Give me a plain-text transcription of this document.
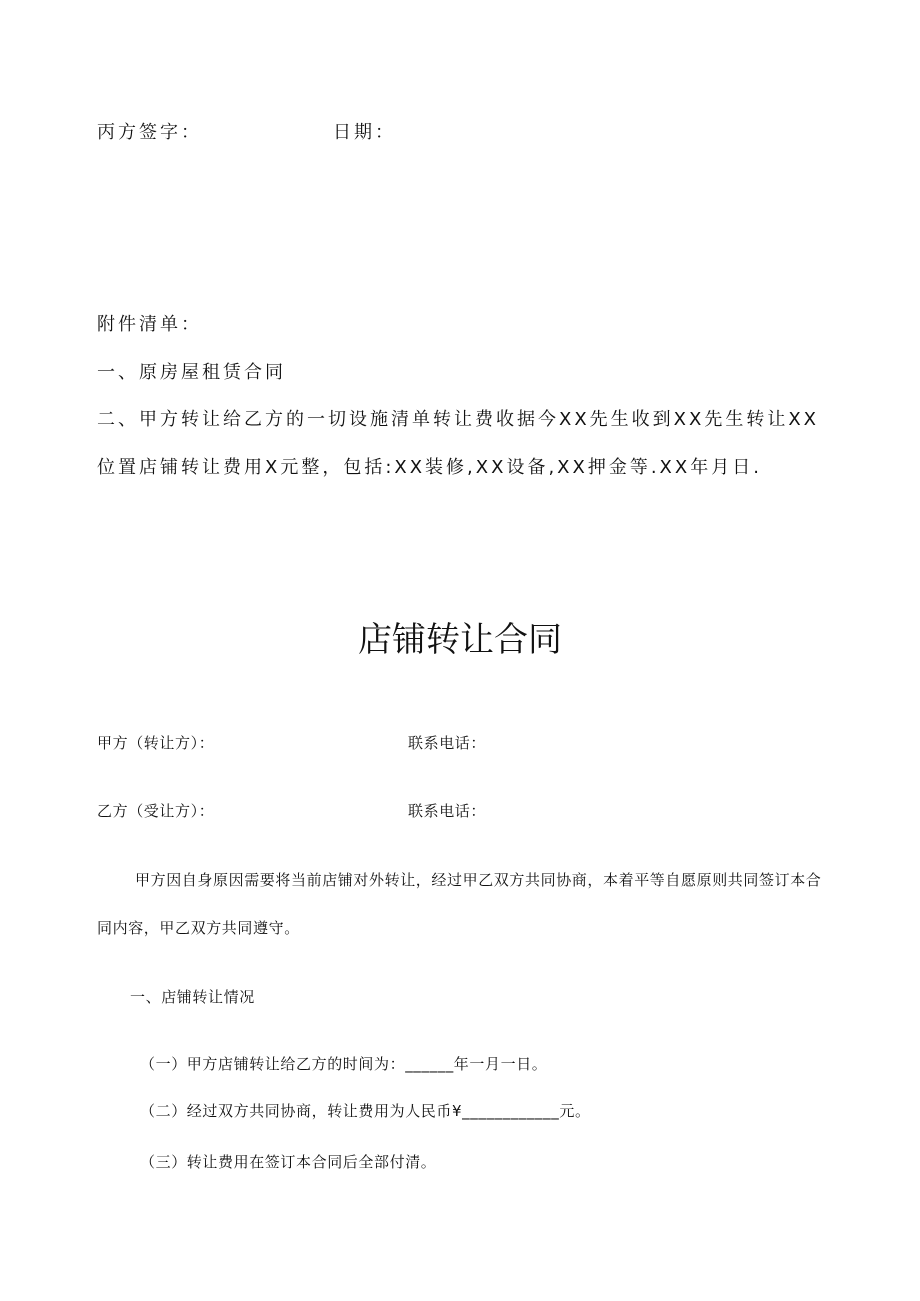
丙方签字：	日期：

附件清单：

一、原房屋租赁合同

二、甲方转让给乙方的一切设施清单转让费收据今XX先生收到XX先生转让XX

位置店铺转让费用X元整，包括:XX装修,XX设备,XX押金等.XX年月日.

店铺转让合同

甲方（转让方）：	联系电话：

乙方（受让方）：	联系电话：

甲方因自身原因需要将当前店铺对外转让，经过甲乙双方共同协商，本着平等自愿原则共同签订本合

同内容，甲乙双方共同遵守。

一、店铺转让情况

（一）甲方店铺转让给乙方的时间为：______年一月一日。

（二）经过双方共同协商，转让费用为人民币¥____________元。

（三）转让费用在签订本合同后全部付清。
